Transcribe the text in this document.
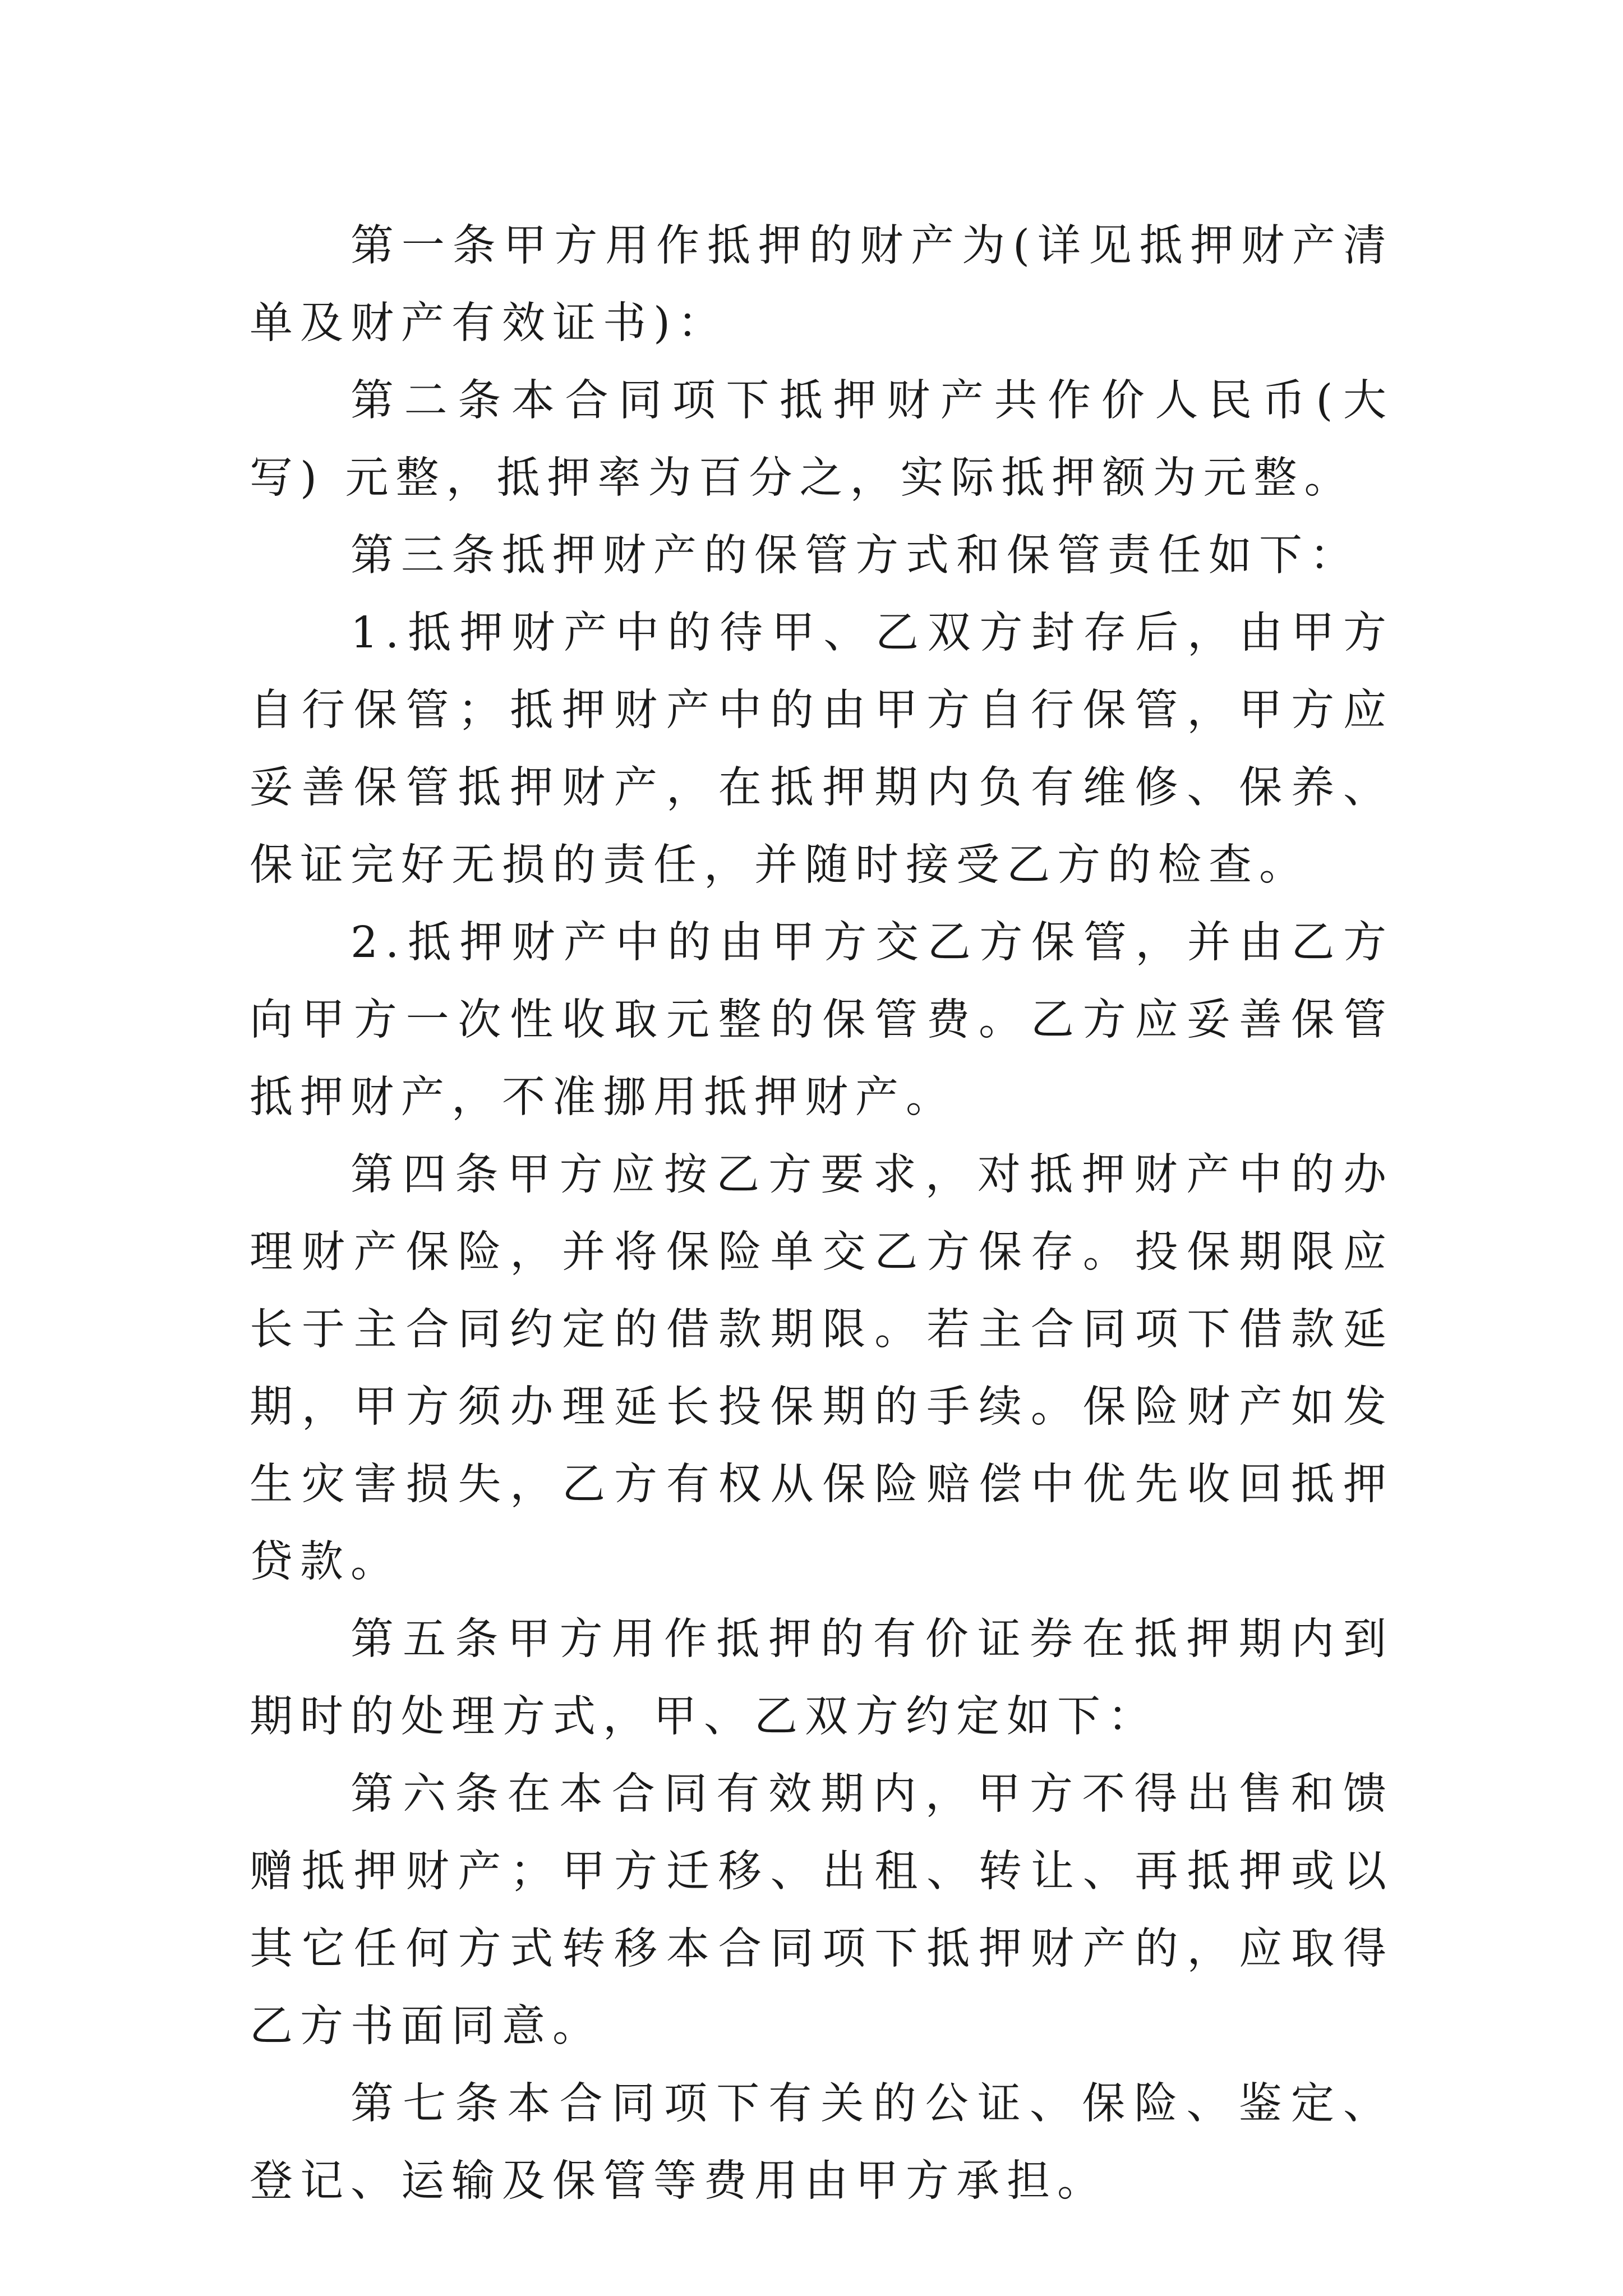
第一条甲方用作抵押的财产为(详见抵押财产清单及财产有效证书)：

第二条本合同项下抵押财产共作价人民币(大写) 元整，抵押率为百分之，实际抵押额为元整。

第三条抵押财产的保管方式和保管责任如下：

1.抵押财产中的待甲、乙双方封存后，由甲方自行保管；抵押财产中的由甲方自行保管，甲方应妥善保管抵押财产，在抵押期内负有维修、保养、保证完好无损的责任，并随时接受乙方的检查。

2.抵押财产中的由甲方交乙方保管，并由乙方向甲方一次性收取元整的保管费。乙方应妥善保管抵押财产，不准挪用抵押财产。

第四条甲方应按乙方要求，对抵押财产中的办理财产保险，并将保险单交乙方保存。投保期限应长于主合同约定的借款期限。若主合同项下借款延期，甲方须办理延长投保期的手续。保险财产如发生灾害损失，乙方有权从保险赔偿中优先收回抵押贷款。

第五条甲方用作抵押的有价证券在抵押期内到期时的处理方式，甲、乙双方约定如下：

第六条在本合同有效期内，甲方不得出售和馈赠抵押财产；甲方迁移、出租、转让、再抵押或以其它任何方式转移本合同项下抵押财产的，应取得乙方书面同意。

第七条本合同项下有关的公证、保险、鉴定、登记、运输及保管等费用由甲方承担。
